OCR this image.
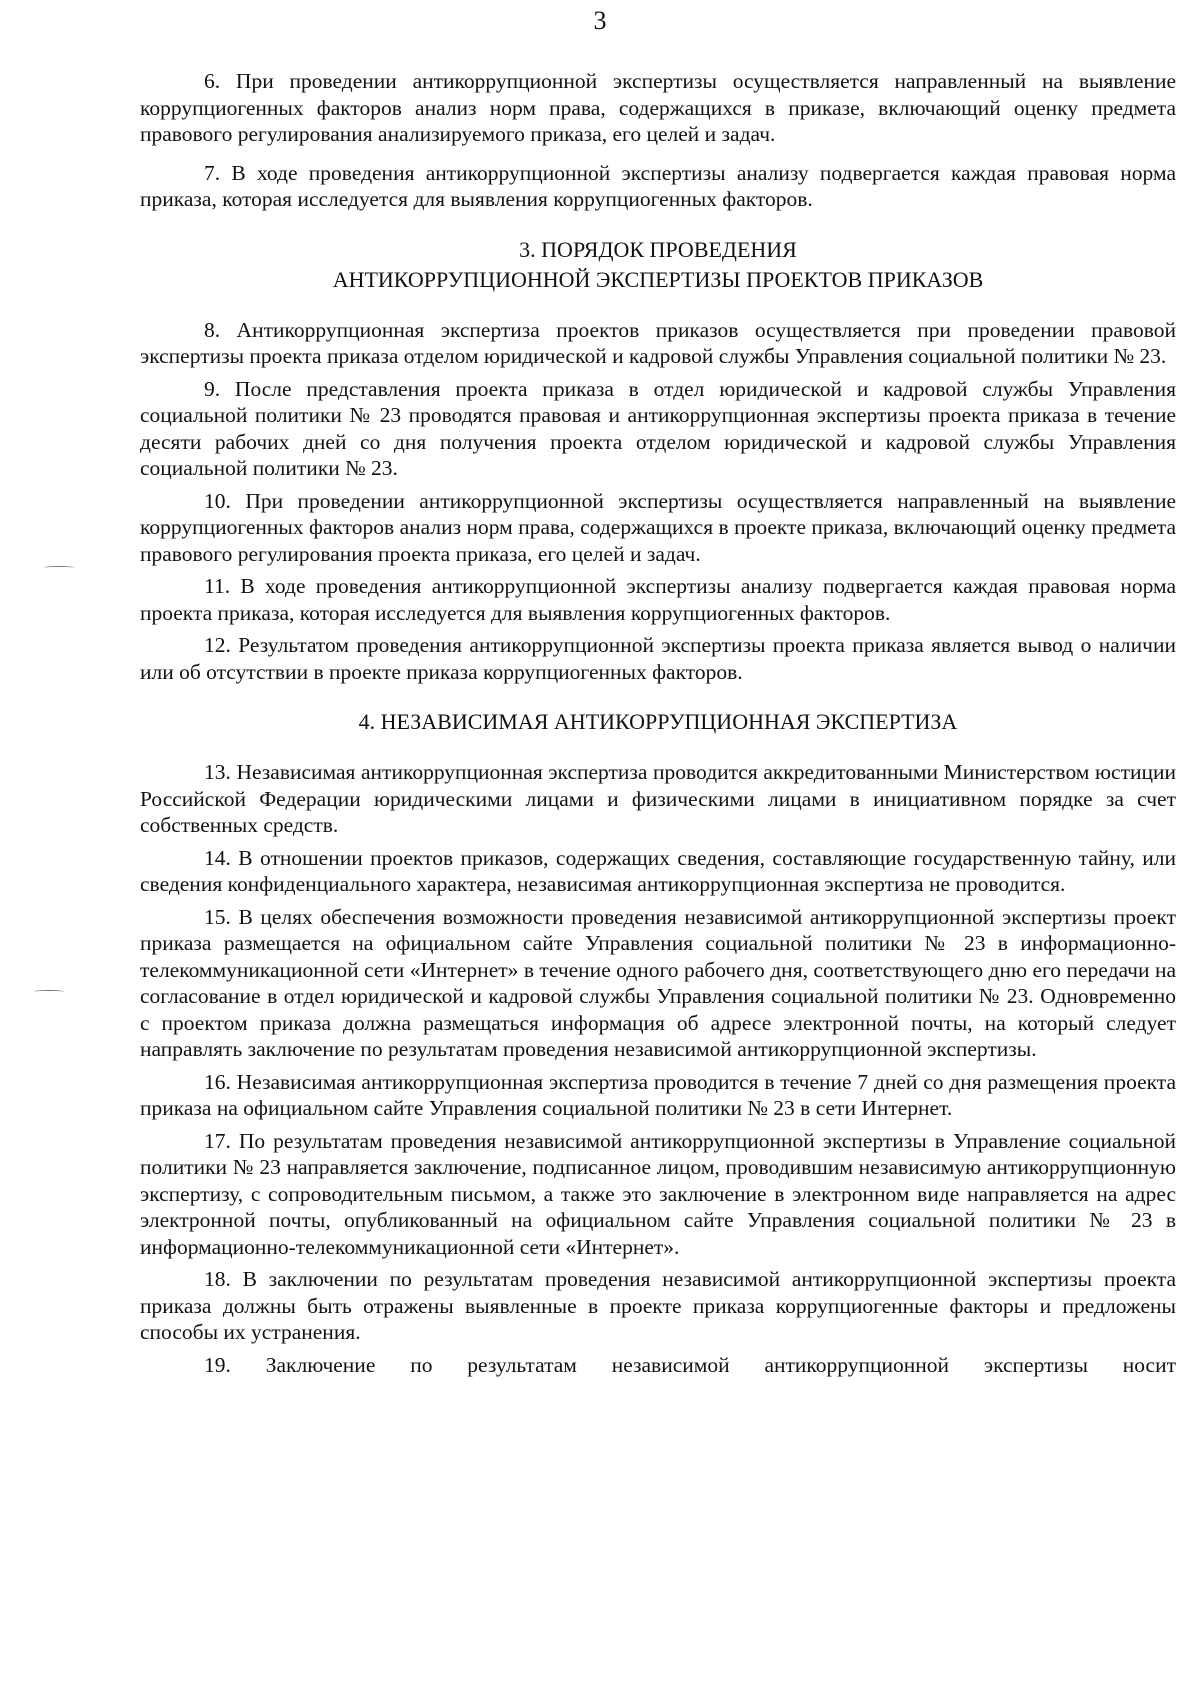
3

6. При проведении антикоррупционной экспертизы осуществляется направленный на выявление коррупциогенных факторов анализ норм права, содержащихся в приказе, включающий оценку предмета правового регулирования анализируемого приказа, его целей и задач.

7. В ходе проведения антикоррупционной экспертизы анализу подвергается каждая правовая норма приказа, которая исследуется для выявления коррупциогенных факторов.

3. ПОРЯДОК ПРОВЕДЕНИЯ
АНТИКОРРУПЦИОННОЙ ЭКСПЕРТИЗЫ ПРОЕКТОВ ПРИКАЗОВ

8. Антикоррупционная экспертиза проектов приказов осуществляется при проведении правовой экспертизы проекта приказа отделом юридической и кадровой службы Управления социальной политики № 23.

9. После представления проекта приказа в отдел юридической и кадровой службы Управления социальной политики № 23 проводятся правовая и антикоррупционная экспертизы проекта приказа в течение десяти рабочих дней со дня получения проекта отделом юридической и кадровой службы Управления социальной политики № 23.

10. При проведении антикоррупционной экспертизы осуществляется направленный на выявление коррупциогенных факторов анализ норм права, содержащихся в проекте приказа, включающий оценку предмета правового регулирования проекта приказа, его целей и задач.

11. В ходе проведения антикоррупционной экспертизы анализу подвергается каждая правовая норма проекта приказа, которая исследуется для выявления коррупциогенных факторов.

12. Результатом проведения антикоррупционной экспертизы проекта приказа является вывод о наличии или об отсутствии в проекте приказа коррупциогенных факторов.

4. НЕЗАВИСИМАЯ АНТИКОРРУПЦИОННАЯ ЭКСПЕРТИЗА

13. Независимая антикоррупционная экспертиза проводится аккредитованными Министерством юстиции Российской Федерации юридическими лицами и физическими лицами в инициативном порядке за счет собственных средств.

14. В отношении проектов приказов, содержащих сведения, составляющие государственную тайну, или сведения конфиденциального характера, независимая антикоррупционная экспертиза не проводится.

15. В целях обеспечения возможности проведения независимой антикоррупционной экспертизы проект приказа размещается на официальном сайте Управления социальной политики № 23 в информационно-телекоммуникационной сети «Интернет» в течение одного рабочего дня, соответствующего дню его передачи на согласование в отдел юридической и кадровой службы Управления социальной политики № 23. Одновременно с проектом приказа должна размещаться информация об адресе электронной почты, на который следует направлять заключение по результатам проведения независимой антикоррупционной экспертизы.

16. Независимая антикоррупционная экспертиза проводится в течение 7 дней со дня размещения проекта приказа на официальном сайте Управления социальной политики № 23 в сети Интернет.

17. По результатам проведения независимой антикоррупционной экспертизы в Управление социальной политики № 23 направляется заключение, подписанное лицом, проводившим независимую антикоррупционную экспертизу, с сопроводительным письмом, а также это заключение в электронном виде направляется на адрес электронной почты, опубликованный на официальном сайте Управления социальной политики № 23 в информационно-телекоммуникационной сети «Интернет».

18. В заключении по результатам проведения независимой антикоррупционной экспертизы проекта приказа должны быть отражены выявленные в проекте приказа коррупциогенные факторы и предложены способы их устранения.

19. Заключение по результатам независимой антикоррупционной экспертизы носит
